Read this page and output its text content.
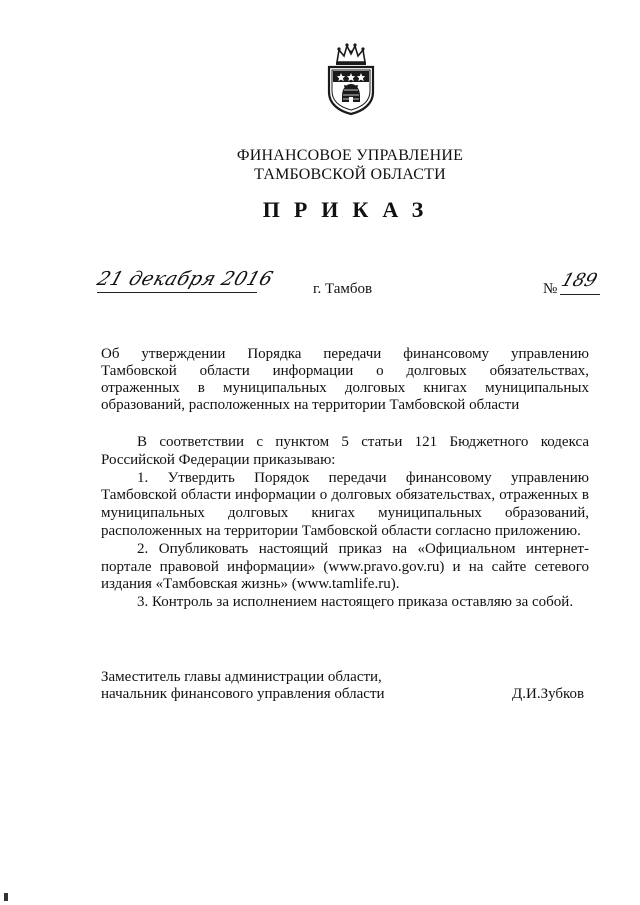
ФИНАНСОВОЕ УПРАВЛЕНИЕ
ТАМБОВСКОЙ ОБЛАСТИ
ПРИКАЗ
21 декабря 2016 г. Тамбов	№ 189

Об утверждении Порядка передачи финансовому управлению

Тамбовской области информации о долговых обязательствах,

отраженных в муниципальных долговых книгах муниципальных

образований, расположенных на территории Тамбовской области

В соответствии с пунктом 5 статьи 121 Бюджетного кодекса Российской Федерации приказываю:

1. Утвердить Порядок передачи финансовому управлению Тамбовской области информации о долговых обязательствах, отраженных в муниципальных долговых книгах муниципальных образований, расположенных на территории Тамбовской области согласно приложению.

2. Опубликовать настоящий приказ на «Официальном интернет-портале правовой информации» (www.pravo.gov.ru) и на сайте сетевого издания «Тамбовская жизнь» (www.tamlife.ru).

3. Контроль за исполнением настоящего приказа оставляю за собой.

Заместитель главы администрации области,
начальник финансового управления области	Д.И.Зубков
